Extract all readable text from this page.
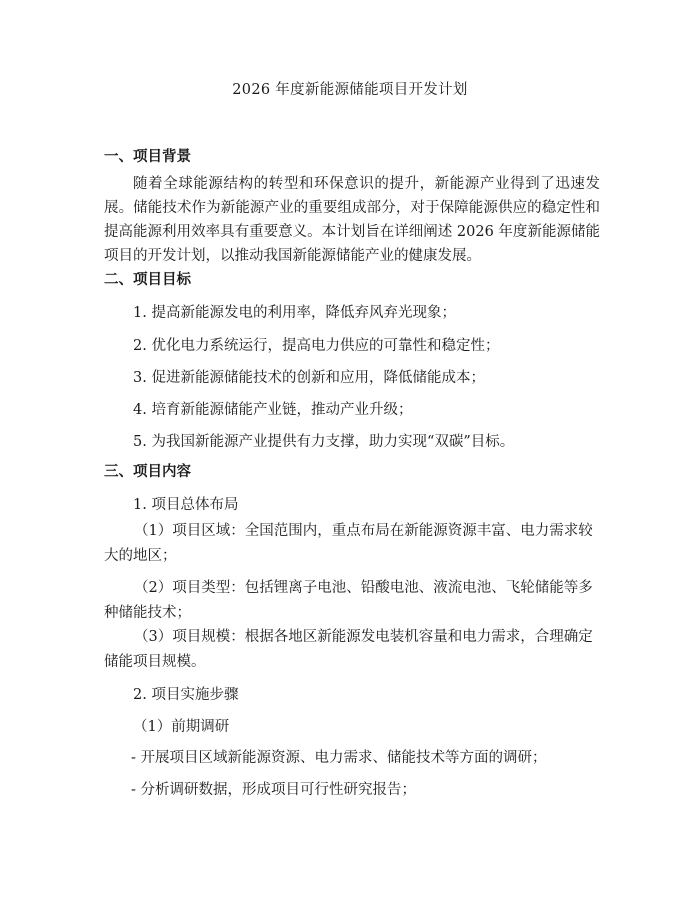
2026 年度新能源储能项目开发计划
一、项目背景

随着全球能源结构的转型和环保意识的提升，新能源产业得到了迅速发展。储能技术作为新能源产业的重要组成部分，对于保障能源供应的稳定性和提高能源利用效率具有重要意义。本计划旨在详细阐述 2026 年度新能源储能项目的开发计划，以推动我国新能源储能产业的健康发展。

二、项目目标
1. 提高新能源发电的利用率，降低弃风弃光现象；
2. 优化电力系统运行，提高电力供应的可靠性和稳定性；
3. 促进新能源储能技术的创新和应用，降低储能成本；
4. 培育新能源储能产业链，推动产业升级；
5. 为我国新能源产业提供有力支撑，助力实现“双碳”目标。
三、项目内容
1. 项目总体布局

（1）项目区域：全国范围内，重点布局在新能源资源丰富、电力需求较大的地区；

（2）项目类型：包括锂离子电池、铅酸电池、液流电池、飞轮储能等多种储能技术；

（3）项目规模：根据各地区新能源发电装机容量和电力需求，合理确定储能项目规模。

2. 项目实施步骤
（1）前期调研
- 开展项目区域新能源资源、电力需求、储能技术等方面的调研；
- 分析调研数据，形成项目可行性研究报告；
